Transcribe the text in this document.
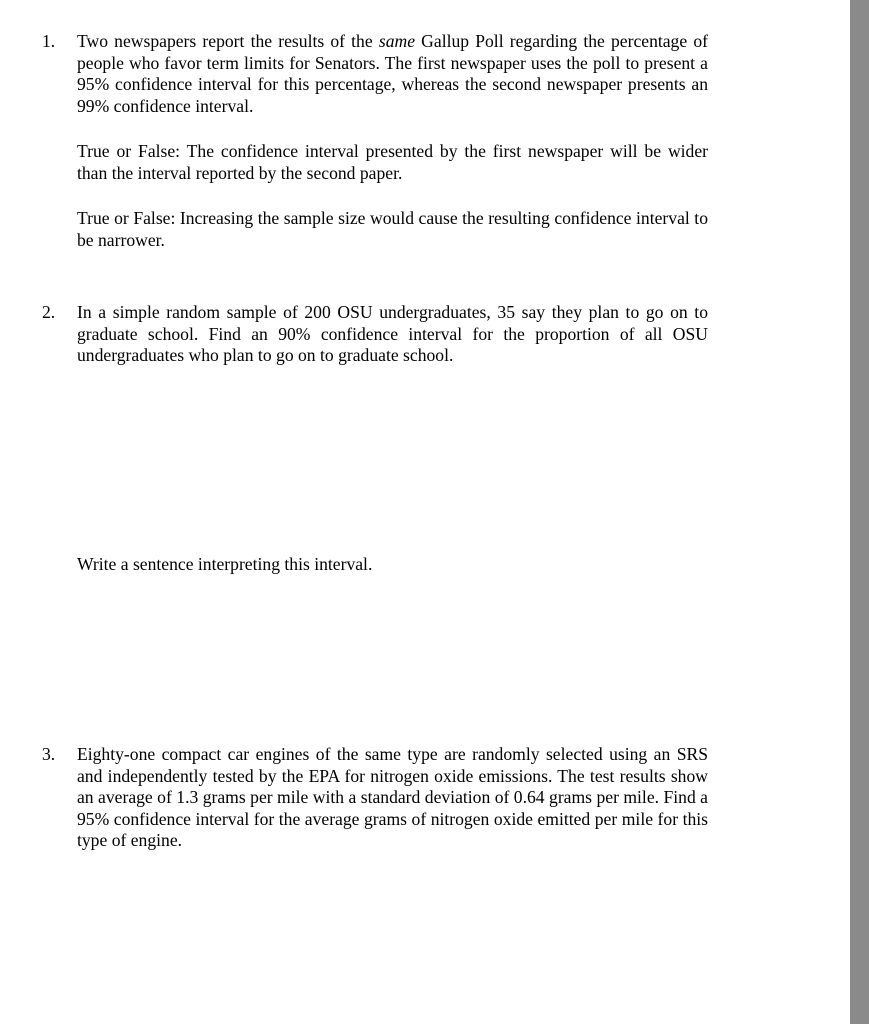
1.	Two newspapers report the results of the same Gallup Poll regarding the percentage of people who favor term limits for Senators. The first newspaper uses the poll to present a 95% confidence interval for this percentage, whereas the second newspaper presents an 99% confidence interval.
True or False: The confidence interval presented by the first newspaper will be wider than the interval reported by the second paper.
True or False: Increasing the sample size would cause the resulting confidence interval to be narrower.
2.	In a simple random sample of 200 OSU undergraduates, 35 say they plan to go on to graduate school. Find an 90% confidence interval for the proportion of all OSU undergraduates who plan to go on to graduate school.
Write a sentence interpreting this interval.
3.	Eighty-one compact car engines of the same type are randomly selected using an SRS and independently tested by the EPA for nitrogen oxide emissions. The test results show an average of 1.3 grams per mile with a standard deviation of 0.64 grams per mile. Find a 95% confidence interval for the average grams of nitrogen oxide emitted per mile for this type of engine.
